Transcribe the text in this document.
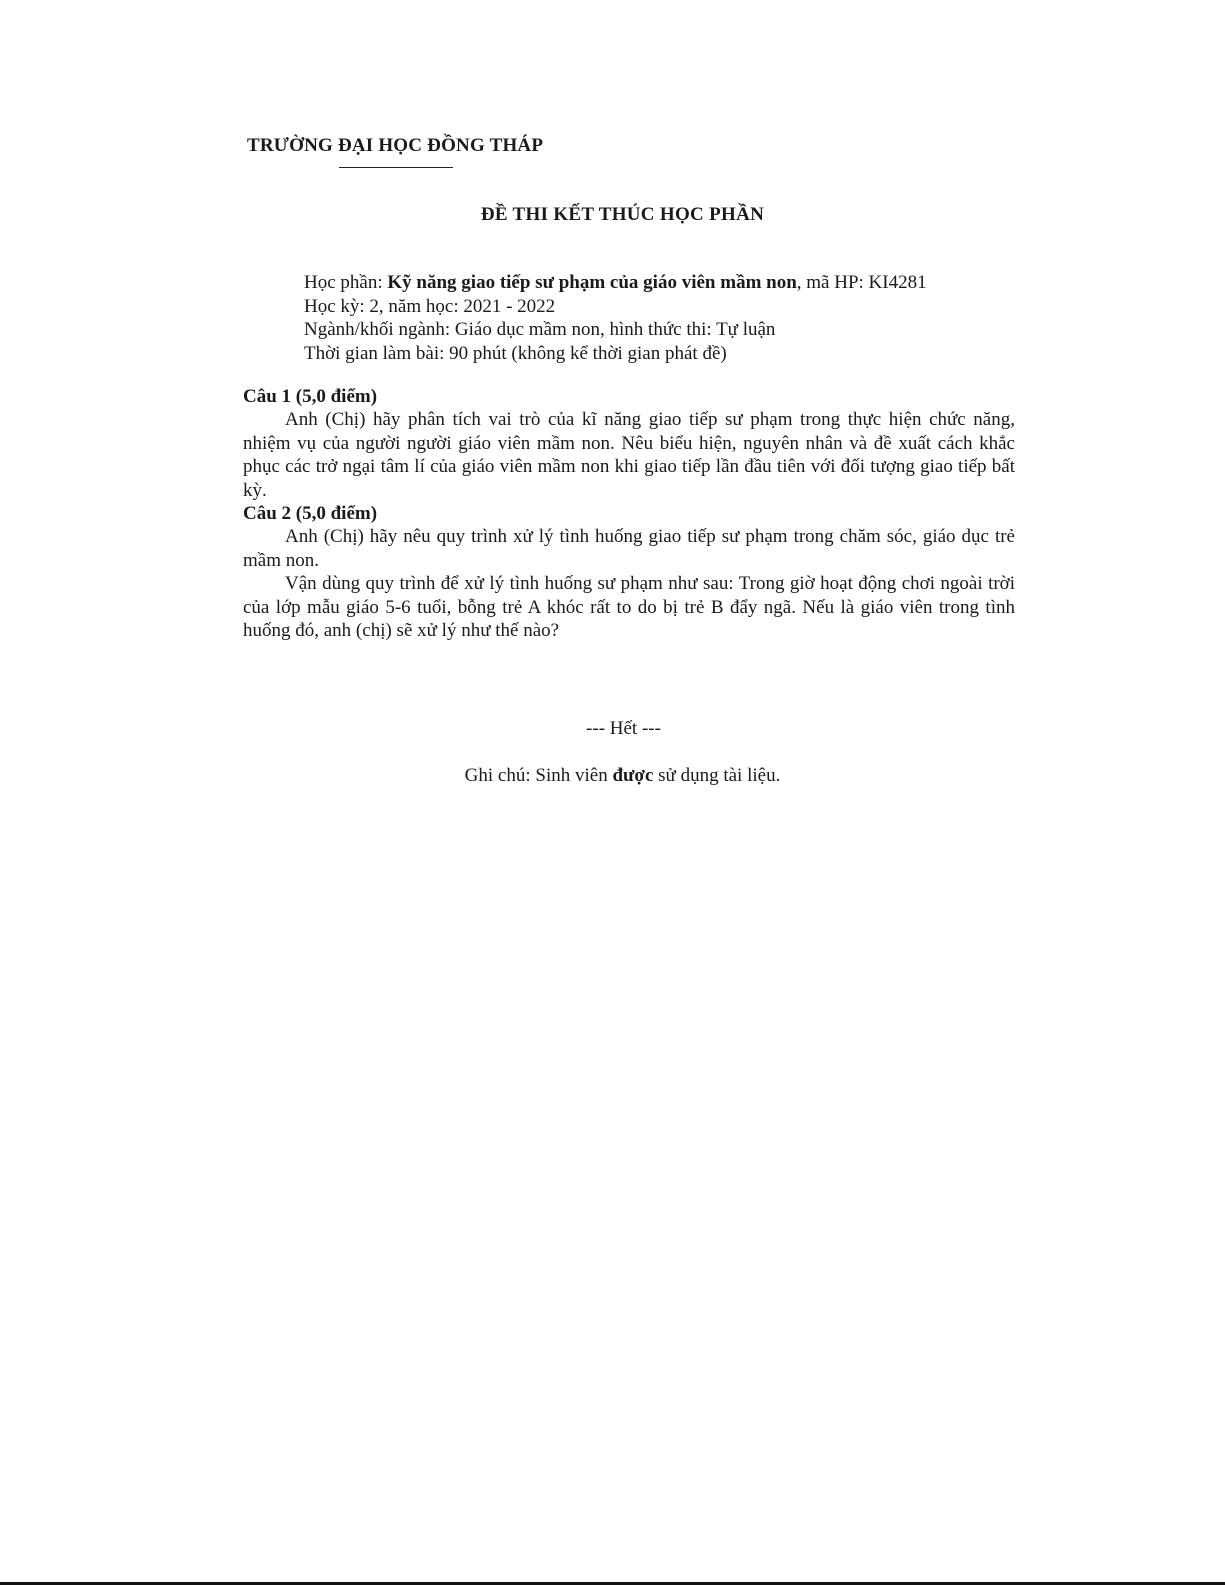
TRƯỜNG ĐẠI HỌC ĐỒNG THÁP
ĐỀ THI KẾT THÚC HỌC PHẦN
Học phần: Kỹ năng giao tiếp sư phạm của giáo viên mầm non, mã HP: KI4281
Học kỳ: 2, năm học: 2021 - 2022
Ngành/khối ngành: Giáo dục mầm non, hình thức thi: Tự luận
Thời gian làm bài: 90 phút (không kể thời gian phát đề)
Câu 1 (5,0 điểm)

Anh (Chị) hãy phân tích vai trò của kĩ năng giao tiếp sư phạm trong thực hiện chức năng, nhiệm vụ của người người giáo viên mầm non. Nêu biểu hiện, nguyên nhân và đề xuất cách khắc phục các trở ngại tâm lí của giáo viên mầm non khi giao tiếp lần đầu tiên với đối tượng giao tiếp bất kỳ.

Câu 2 (5,0 điểm)

Anh (Chị) hãy nêu quy trình xử lý tình huống giao tiếp sư phạm trong chăm sóc, giáo dục trẻ mầm non.

Vận dùng quy trình để xử lý tình huống sư phạm như sau: Trong giờ hoạt động chơi ngoài trời của lớp mẫu giáo 5-6 tuổi, bỗng trẻ A khóc rất to do bị trẻ B đẩy ngã. Nếu là giáo viên trong tình huống đó, anh (chị) sẽ xử lý như thế nào?

--- Hết ---
Ghi chú: Sinh viên được sử dụng tài liệu.
